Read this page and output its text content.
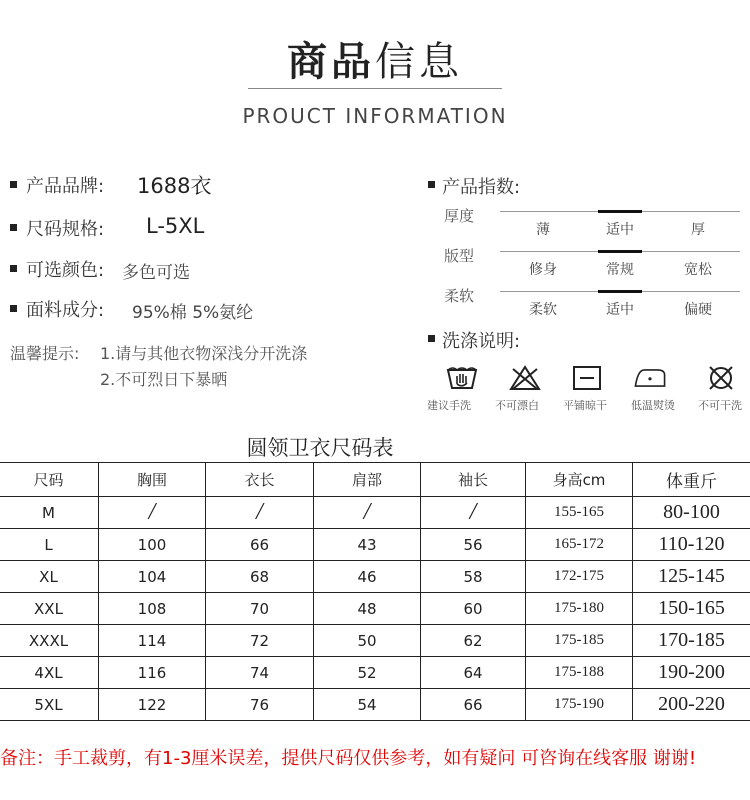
商品信息
PROUCT INFORMATION
产品品牌: 1688衣
尺码规格: L-5XL
可选颜色: 多色可选
面料成分: 95%棉 5%氨纶
温馨提示: 1.请与其他衣物深浅分开洗涤
2.不可烈日下暴晒
产品指数:
厚度
薄	适中	厚
版型
修身	常规	宽松
柔软
柔软	适中	偏硬
洗涤说明:
建议手洗 不可漂白 平铺晾干 低温熨烫 不可干洗
圆领卫衣尺码表
尺码	胸围	衣长	肩部	袖长	身高cm	体重斤
M	/	/	/	/	155-165	80-100
L	100	66	43	56	165-172	110-120
XL	104	68	46	58	172-175	125-145
XXL	108	70	48	60	175-180	150-165
XXXL	114	72	50	62	175-185	170-185
4XL	116	74	52	64	175-188	190-200
5XL	122	76	54	66	175-190	200-220
备注：手工裁剪，有1-3厘米误差，提供尺码仅供参考，如有疑问 可咨询在线客服 谢谢!
